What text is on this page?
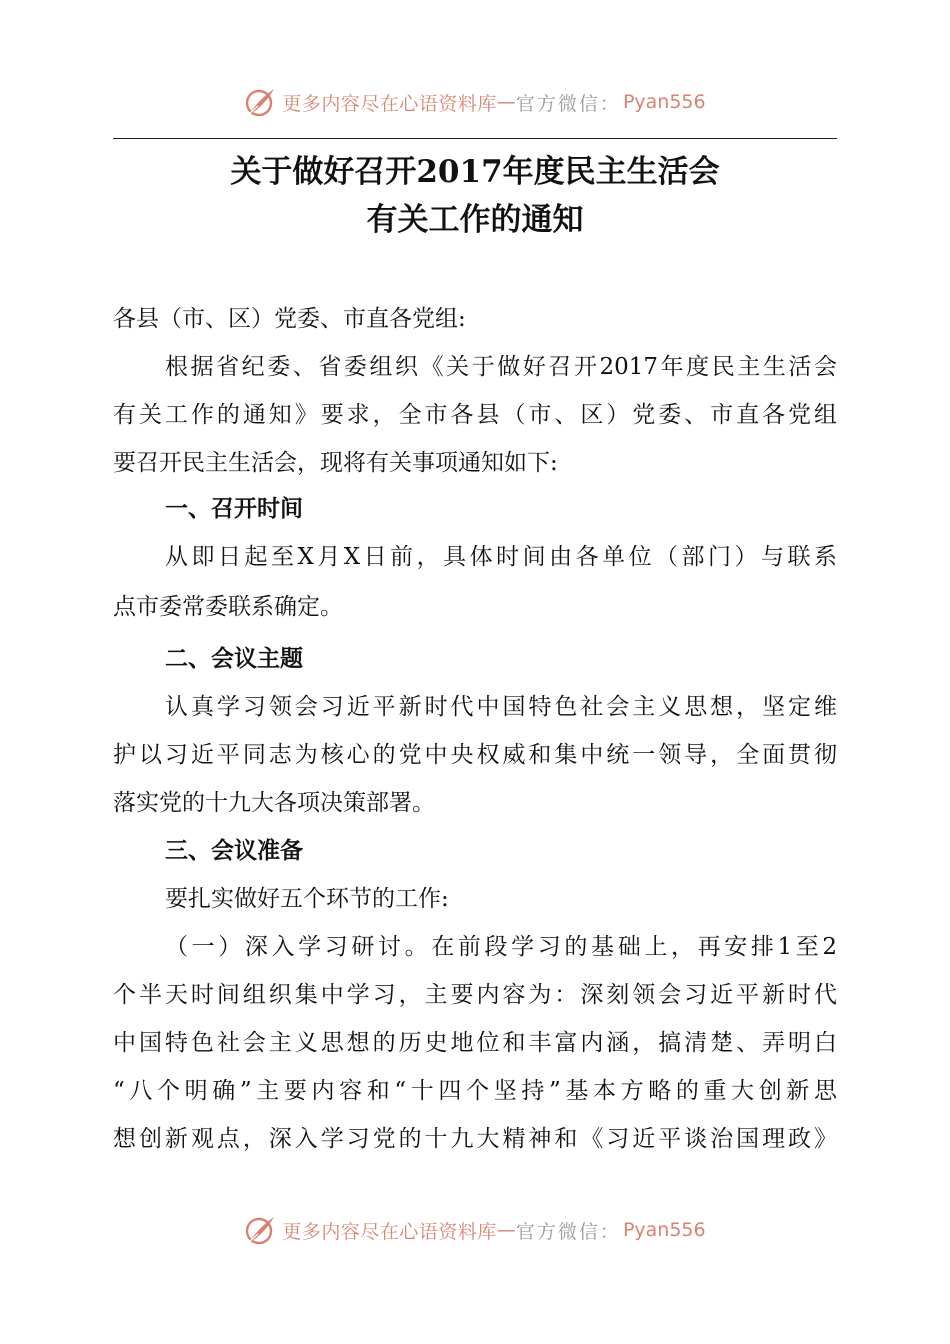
更多内容尽在心语资料库 — 官方微信： Pyan556
关于做好召开2017年度民主生活会
有关工作的通知
各县（市、区）党委、市直各党组:
根据省纪委、省委组织《关于做好召开2017年度民主生活会
有关工作的通知》要求，全市各县（市、区）党委、市直各党组
要召开民主生活会，现将有关事项通知如下:
一、召开时间
从即日起至X月X日前，具体时间由各单位（部门）与联系
点市委常委联系确定。
二、会议主题
认真学习领会习近平新时代中国特色社会主义思想，坚定维
护以习近平同志为核心的党中央权威和集中统一领导，全面贯彻
落实党的十九大各项决策部署。
三、会议准备
要扎实做好五个环节的工作:
（一）深入学习研讨。在前段学习的基础上，再安排1至2
个半天时间组织集中学习，主要内容为：深刻领会习近平新时代
中国特色社会主义思想的历史地位和丰富内涵，搞清楚、弄明白
“八个明确”主要内容和“十四个坚持”基本方略的重大创新思
想创新观点，深入学习党的十九大精神和《习近平谈治国理政》
更多内容尽在心语资料库 — 官方微信： Pyan556
